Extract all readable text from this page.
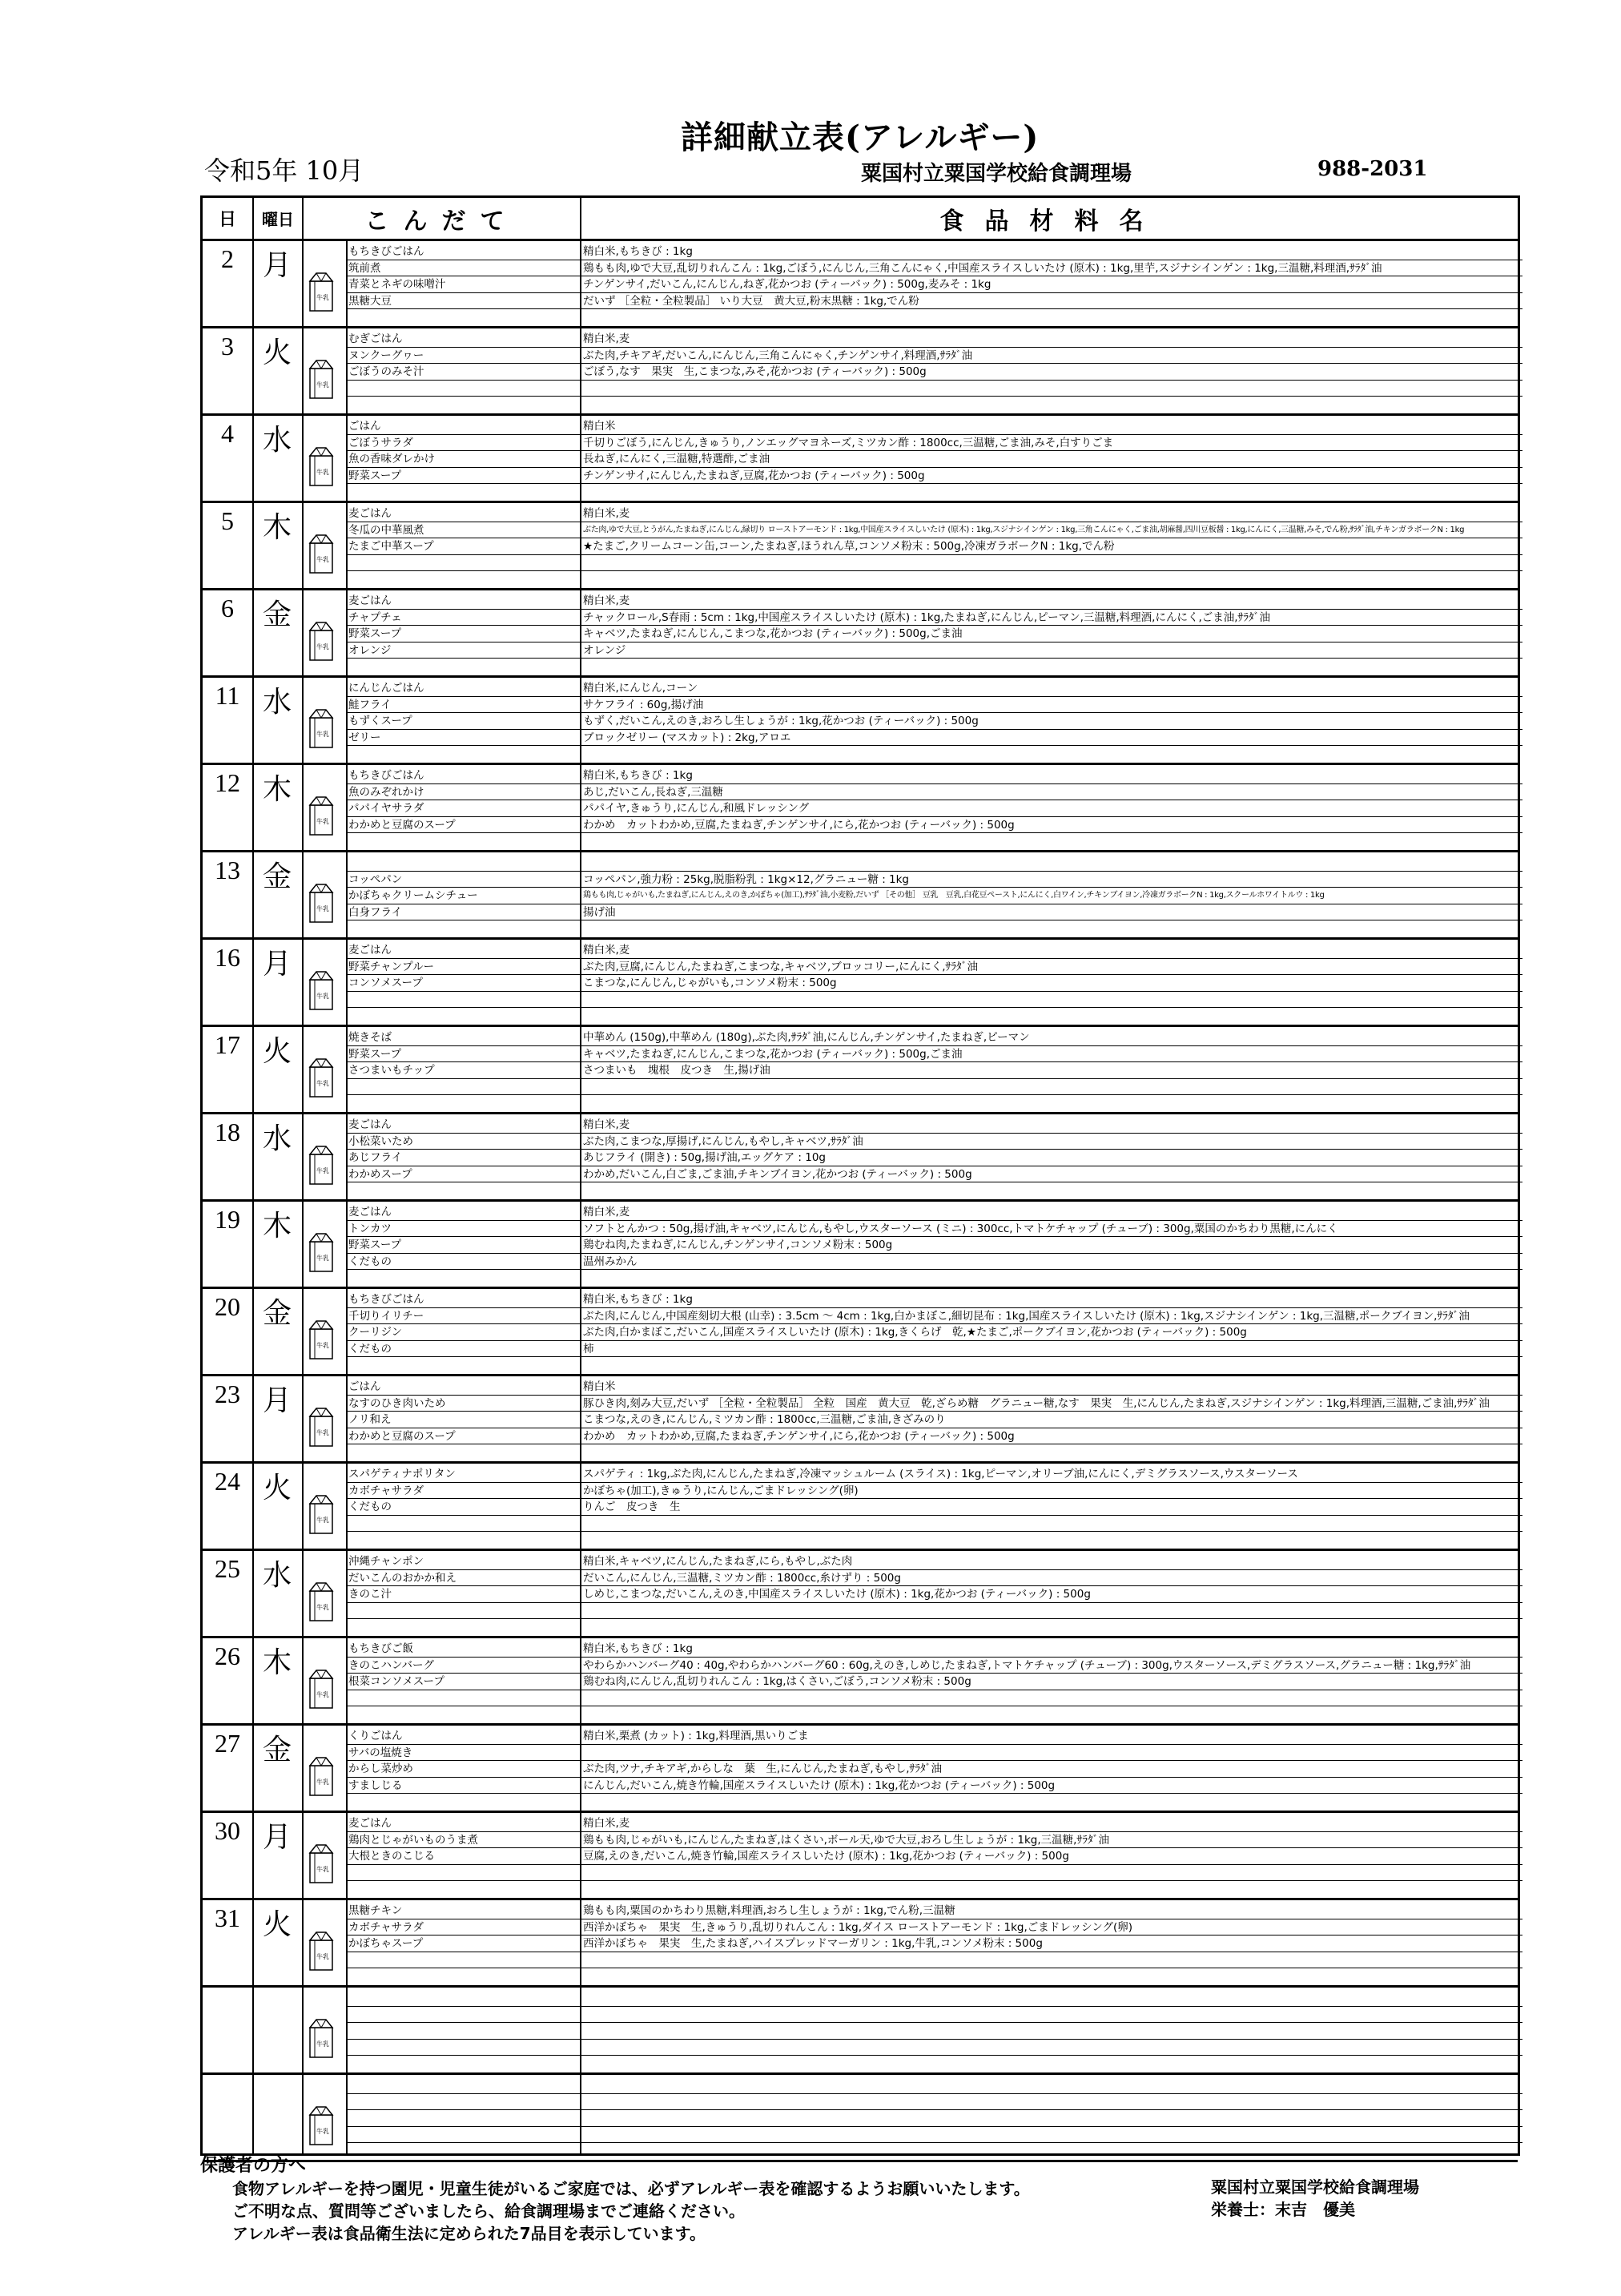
詳細献立表(アレルギー)
令和5年 10月	粟国村立粟国学校給食調理場	988-2031
日	曜日	こんだて	食品材料名
2 月
牛乳
もちきびごはん	精白米,もちきび : 1kg
筑前煮	鶏もも肉,ゆで大豆,乱切りれんこん : 1kg,ごぼう,にんじん,三角こんにゃく,中国産スライスしいたけ (原木) : 1kg,里芋,スジナシインゲン : 1kg,三温糖,料理酒,ｻﾗﾀﾞ油
青菜とネギの味噌汁	チンゲンサイ,だいこん,にんじん,ねぎ,花かつお (ティーバック) : 500g,麦みそ : 1kg
黒糖大豆	だいず ［全粒・全粒製品］ いり大豆　黄大豆,粉末黒糖 : 1kg,でん粉
3 火
牛乳
むぎごはん	精白米,麦
ヌンクーグヮー	ぶた肉,チキアギ,だいこん,にんじん,三角こんにゃく,チンゲンサイ,料理酒,ｻﾗﾀﾞ油
ごぼうのみそ汁	ごぼう,なす　果実　生,こまつな,みそ,花かつお (ティーバック) : 500g
4 水
牛乳
ごはん	精白米
ごぼうサラダ	千切りごぼう,にんじん,きゅうり,ノンエッグマヨネーズ,ミツカン酢 : 1800cc,三温糖,ごま油,みそ,白すりごま
魚の香味ダレかけ	長ねぎ,にんにく,三温糖,特選酢,ごま油
野菜スープ	チンゲンサイ,にんじん,たまねぎ,豆腐,花かつお (ティーバック) : 500g
5 木
牛乳
麦ごはん	精白米,麦
冬瓜の中華風煮	ぶた肉,ゆで大豆,とうがん,たまねぎ,にんじん,緑切り ローストアーモンド : 1kg,中国産スライスしいたけ (原木) : 1kg,スジナシインゲン : 1kg,三角こんにゃく,ごま油,胡麻醤,四川豆板醤 : 1kg,にんにく,三温糖,みそ,でん粉,ｻﾗﾀﾞ油,チキンガラボークN : 1kg
たまご中華スープ	★たまご,クリームコーン缶,コーン,たまねぎ,ほうれん草,コンソメ粉末 : 500g,冷凍ガラボークN : 1kg,でん粉
6 金
牛乳
麦ごはん	精白米,麦
チャプチェ	チャックロール,S春雨 : 5cm : 1kg,中国産スライスしいたけ (原木) : 1kg,たまねぎ,にんじん,ピーマン,三温糖,料理酒,にんにく,ごま油,ｻﾗﾀﾞ油
野菜スープ	キャベツ,たまねぎ,にんじん,こまつな,花かつお (ティーバック) : 500g,ごま油
オレンジ	オレンジ
11 水
牛乳
にんじんごはん	精白米,にんじん,コーン
鮭フライ	サケフライ : 60g,揚げ油
もずくスープ	もずく,だいこん,えのき,おろし生しょうが : 1kg,花かつお (ティーバック) : 500g
ゼリー	ブロックゼリー (マスカット) : 2kg,アロエ
12 木
牛乳
もちきびごはん	精白米,もちきび : 1kg
魚のみぞれかけ	あじ,だいこん,長ねぎ,三温糖
パパイヤサラダ	パパイヤ,きゅうり,にんじん,和風ドレッシング
わかめと豆腐のスープ	わかめ　カットわかめ,豆腐,たまねぎ,チンゲンサイ,にら,花かつお (ティーバック) : 500g
13 金
牛乳
コッペパン	コッペパン,強力粉 : 25kg,脱脂粉乳 : 1kg×12,グラニュー糖 : 1kg
かぼちゃクリームシチュー	鶏もも肉,じゃがいも,たまねぎ,にんじん,えのき,かぼちゃ(加工),ｻﾗﾀﾞ油,小麦粉,だいず ［その他］ 豆乳　豆乳,白花豆ペースト,にんにく,白ワイン,チキンブイヨン,冷凍ガラボークN : 1kg,スクールホワイトルウ : 1kg
白身フライ	揚げ油
16 月
牛乳
麦ごはん	精白米,麦
野菜チャンプルー	ぶた肉,豆腐,にんじん,たまねぎ,こまつな,キャベツ,ブロッコリー,にんにく,ｻﾗﾀﾞ油
コンソメスープ	こまつな,にんじん,じゃがいも,コンソメ粉末 : 500g
17 火
牛乳
焼きそば	中華めん (150g),中華めん (180g),ぶた肉,ｻﾗﾀﾞ油,にんじん,チンゲンサイ,たまねぎ,ピーマン
野菜スープ	キャベツ,たまねぎ,にんじん,こまつな,花かつお (ティーバック) : 500g,ごま油
さつまいもチップ	さつまいも　塊根　皮つき　生,揚げ油
18 水
牛乳
麦ごはん	精白米,麦
小松菜いため	ぶた肉,こまつな,厚揚げ,にんじん,もやし,キャベツ,ｻﾗﾀﾞ油
あじフライ	あじフライ (開き) : 50g,揚げ油,エッグケア : 10g
わかめスープ	わかめ,だいこん,白ごま,ごま油,チキンブイヨン,花かつお (ティーバック) : 500g
19 木
牛乳
麦ごはん	精白米,麦
トンカツ	ソフトとんかつ : 50g,揚げ油,キャベツ,にんじん,もやし,ウスターソース (ミニ) : 300cc,トマトケチャップ (チューブ) : 300g,粟国のかちわり黒糖,にんにく
野菜スープ	鶏むね肉,たまねぎ,にんじん,チンゲンサイ,コンソメ粉末 : 500g
くだもの	温州みかん
20 金
牛乳
もちきびごはん	精白米,もちきび : 1kg
千切りイリチー	ぶた肉,にんじん,中国産刻切大根 (山幸) : 3.5cm ～ 4cm : 1kg,白かまぼこ,細切昆布 : 1kg,国産スライスしいたけ (原木) : 1kg,スジナシインゲン : 1kg,三温糖,ポークブイヨン,ｻﾗﾀﾞ油
クーリジン	ぶた肉,白かまぼこ,だいこん,国産スライスしいたけ (原木) : 1kg,きくらげ　乾,★たまご,ポークブイヨン,花かつお (ティーバック) : 500g
くだもの	柿
23 月
牛乳
ごはん	精白米
なすのひき肉いため	豚ひき肉,刻み大豆,だいず ［全粒・全粒製品］ 全粒　国産　黄大豆　乾,ざらめ糖　グラニュー糖,なす　果実　生,にんじん,たまねぎ,スジナシインゲン : 1kg,料理酒,三温糖,ごま油,ｻﾗﾀﾞ油
ノリ和え	こまつな,えのき,にんじん,ミツカン酢 : 1800cc,三温糖,ごま油,きざみのり
わかめと豆腐のスープ	わかめ　カットわかめ,豆腐,たまねぎ,チンゲンサイ,にら,花かつお (ティーバック) : 500g
24 火
牛乳
スパゲティナポリタン	スパゲティ : 1kg,ぶた肉,にんじん,たまねぎ,冷凍マッシュルーム (スライス) : 1kg,ピーマン,オリーブ油,にんにく,デミグラスソース,ウスターソース
カボチャサラダ	かぼちゃ(加工),きゅうり,にんじん,ごまドレッシング(卵)
くだもの	りんご　皮つき　生
25 水
牛乳
沖縄チャンポン	精白米,キャベツ,にんじん,たまねぎ,にら,もやし,ぶた肉
だいこんのおかか和え	だいこん,にんじん,三温糖,ミツカン酢 : 1800cc,糸けずり : 500g
きのこ汁	しめじ,こまつな,だいこん,えのき,中国産スライスしいたけ (原木) : 1kg,花かつお (ティーバック) : 500g
26 木
牛乳
もちきびご飯	精白米,もちきび : 1kg
きのこハンバーグ	やわらかハンバーグ40 : 40g,やわらかハンバーグ60 : 60g,えのき,しめじ,たまねぎ,トマトケチャップ (チューブ) : 300g,ウスターソース,デミグラスソース,グラニュー糖 : 1kg,ｻﾗﾀﾞ油
根菜コンソメスープ	鶏むね肉,にんじん,乱切りれんこん : 1kg,はくさい,ごぼう,コンソメ粉末 : 500g
27 金
牛乳
くりごはん	精白米,栗煮 (カット) : 1kg,料理酒,黒いりごま
サバの塩焼き
からし菜炒め	ぶた肉,ツナ,チキアギ,からしな　葉　生,にんじん,たまねぎ,もやし,ｻﾗﾀﾞ油
すましじる	にんじん,だいこん,焼き竹輪,国産スライスしいたけ (原木) : 1kg,花かつお (ティーバック) : 500g
30 月
牛乳
麦ごはん	精白米,麦
鶏肉とじゃがいものうま煮	鶏もも肉,じゃがいも,にんじん,たまねぎ,はくさい,ボール天,ゆで大豆,おろし生しょうが : 1kg,三温糖,ｻﾗﾀﾞ油
大根ときのこじる	豆腐,えのき,だいこん,焼き竹輪,国産スライスしいたけ (原木) : 1kg,花かつお (ティーバック) : 500g
31 火
牛乳
黒糖チキン	鶏もも肉,粟国のかちわり黒糖,料理酒,おろし生しょうが : 1kg,でん粉,三温糖
カボチャサラダ	西洋かぼちゃ　果実　生,きゅうり,乱切りれんこん : 1kg,ダイス ローストアーモンド : 1kg,ごまドレッシング(卵)
かぼちゃスープ	西洋かぼちゃ　果実　生,たまねぎ,ハイスプレッドマーガリン : 1kg,牛乳,コンソメ粉末 : 500g
牛乳
牛乳

保護者の方へ

食物アレルギーを持つ園児・児童生徒がいるご家庭では、必ずアレルギー表を確認するようお願いいたします。

ご不明な点、質問等ございましたら、給食調理場までご連絡ください。

アレルギー表は食品衛生法に定められた7品目を表示しています。

粟国村立粟国学校給食調理場
栄養士：末吉　優美
